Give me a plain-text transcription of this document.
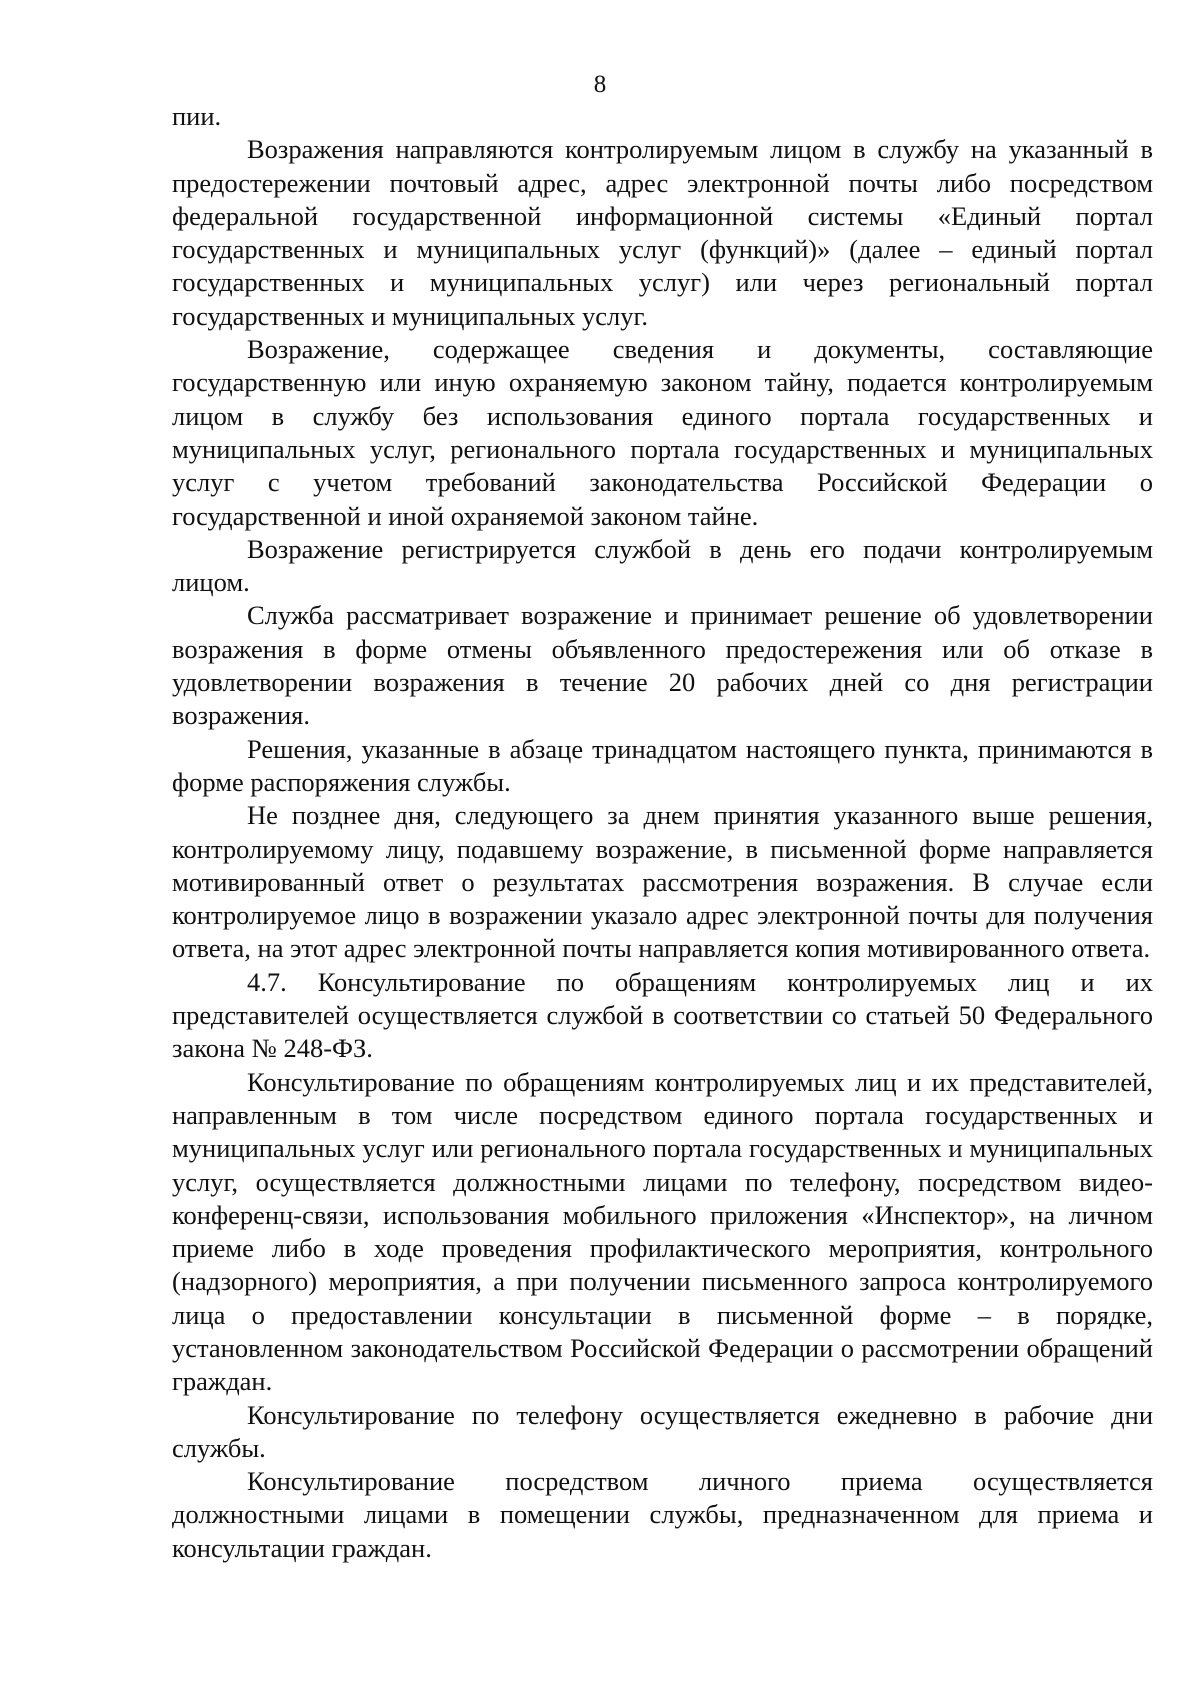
8

пии.

Возражения направляются контролируемым лицом в службу на указанный в предостережении почтовый адрес, адрес электронной почты либо посредством федеральной государственной информационной системы «Единый портал государственных и муниципальных услуг (функций)» (далее – единый портал государственных и муниципальных услуг) или через региональный портал государственных и муниципальных услуг.

Возражение, содержащее сведения и документы, составляющие государственную или иную охраняемую законом тайну, подается контролируемым лицом в службу без использования единого портала государственных и муниципальных услуг, регионального портала государственных и муниципальных услуг с учетом требований законодательства Российской Федерации о государственной и иной охраняемой законом тайне.

Возражение регистрируется службой в день его подачи контролируемым лицом.

Служба рассматривает возражение и принимает решение об удовлетворении возражения в форме отмены объявленного предостережения или об отказе в удовлетворении возражения в течение 20 рабочих дней со дня регистрации возражения.

Решения, указанные в абзаце тринадцатом настоящего пункта, принимаются в форме распоряжения службы.

Не позднее дня, следующего за днем принятия указанного выше решения, контролируемому лицу, подавшему возражение, в письменной форме направляется мотивированный ответ о результатах рассмотрения возражения. В случае если контролируемое лицо в возражении указало адрес электронной почты для получения ответа, на этот адрес электронной почты направляется копия мотивированного ответа.

4.7. Консультирование по обращениям контролируемых лиц и их представителей осуществляется службой в соответствии со статьей 50 Федерального закона № 248-ФЗ.

Консультирование по обращениям контролируемых лиц и их представителей, направленным в том числе посредством единого портала государственных и муниципальных услуг или регионального портала государственных и муниципальных услуг, осуществляется должностными лицами по телефону, посредством видео-конференц-связи, использования мобильного приложения «Инспектор», на личном приеме либо в ходе проведения профилактического мероприятия, контрольного (надзорного) мероприятия, а при получении письменного запроса контролируемого лица о предоставлении консультации в письменной форме – в порядке, установленном законодательством Российской Федерации о рассмотрении обращений граждан.

Консультирование по телефону осуществляется ежедневно в рабочие дни службы.

Консультирование посредством личного приема осуществляется должностными лицами в помещении службы, предназначенном для приема и консультации граждан.
